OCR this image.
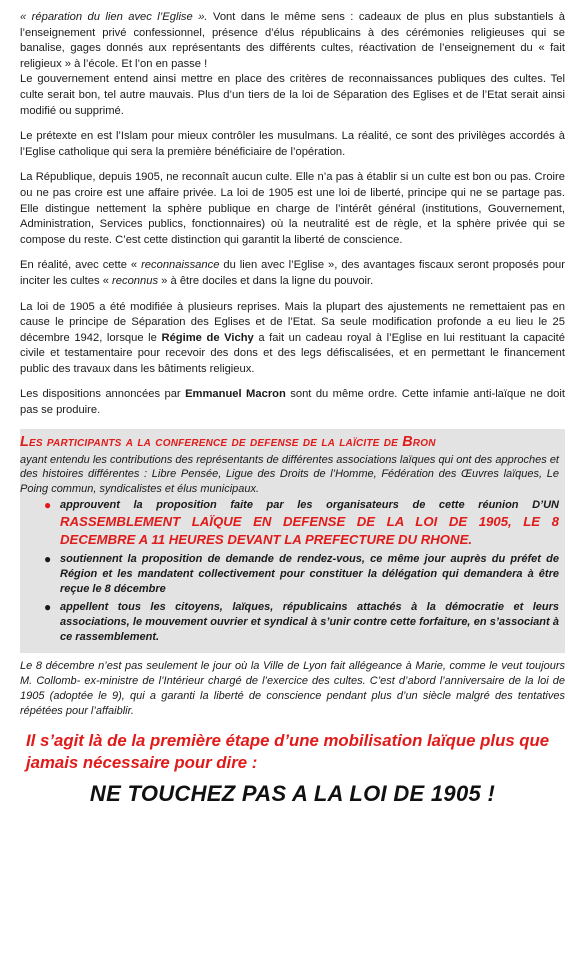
« réparation du lien avec l’Eglise ». Vont dans le même sens : cadeaux de plus en plus substantiels à l’enseignement privé confessionnel, présence d’élus républicains à des cérémonies religieuses qui se banalise, gages donnés aux représentants des différents cultes, réactivation de l’enseignement du « fait religieux » à l’école. Et l’on en passe !
Le gouvernement entend ainsi mettre en place des critères de reconnaissances publiques des cultes. Tel culte serait bon, tel autre mauvais. Plus d’un tiers de la loi de Séparation des Eglises et de l’Etat serait ainsi modifié ou supprimé.

Le prétexte en est l’Islam pour mieux contrôler les musulmans. La réalité, ce sont des privilèges accordés à l’Eglise catholique qui sera la première bénéficiaire de l’opération.

La République, depuis 1905, ne reconnaît aucun culte. Elle n’a pas à établir si un culte est bon ou pas. Croire ou ne pas croire est une affaire privée. La loi de 1905 est une loi de liberté, principe qui ne se partage pas. Elle distingue nettement la sphère publique en charge de l’intérêt général (institutions, Gouvernement, Administration, Services publics, fonctionnaires) où la neutralité est de règle, et la sphère privée qui se compose du reste. C’est cette distinction qui garantit la liberté de conscience.

En réalité, avec cette « reconnaissance du lien avec l’Eglise », des avantages fiscaux seront proposés pour inciter les cultes « reconnus » à être dociles et dans la ligne du pouvoir.

La loi de 1905 a été modifiée à plusieurs reprises. Mais la plupart des ajustements ne remettaient pas en cause le principe de Séparation des Eglises et de l’Etat. Sa seule modification profonde a eu lieu le 25 décembre 1942, lorsque le Régime de Vichy a fait un cadeau royal à l’Eglise en lui restituant la capacité civile et testamentaire pour recevoir des dons et des legs défiscalisées, et en permettant le financement public des travaux dans les bâtiments religieux.

Les dispositions annoncées par Emmanuel Macron sont du même ordre. Cette infamie anti-laïque ne doit pas se produire.

Les participants a la conference de defense de la laïcite de Bron

ayant entendu les contributions des représentants de différentes associations laïques qui ont des approches et des histoires différentes : Libre Pensée, Ligue des Droits de l’Homme, Fédération des Œuvres laïques, Le Poing commun, syndicalistes et élus municipaux.

● approuvent la proposition faite par les organisateurs de cette réunion D’UN RASSEMBLEMENT LAÏQUE EN DEFENSE DE LA LOI DE 1905, LE 8 DECEMBRE A 11 HEURES DEVANT LA PREFECTURE DU RHONE.
● soutiennent la proposition de demande de rendez-vous, ce même jour auprès du préfet de Région et les mandatent collectivement pour constituer la délégation qui demandera à être reçue le 8 décembre
● appellent tous les citoyens, laïques, républicains attachés à la démocratie et leurs associations, le mouvement ouvrier et syndical à s’unir contre cette forfaiture, en s’associant à ce rassemblement.

Le 8 décembre n’est pas seulement le jour où la Ville de Lyon fait allégeance à Marie, comme le veut toujours M. Collomb- ex-ministre de l’Intérieur chargé de l’exercice des cultes. C’est d’abord l’anniversaire de la loi de 1905 (adoptée le 9), qui a garanti la liberté de conscience pendant plus d’un siècle malgré des tentatives répétées pour l’affaiblir.

Il s’agit là de la première étape d’une mobilisation laïque plus que jamais nécessaire pour dire :
NE TOUCHEZ PAS A LA LOI DE 1905 !
